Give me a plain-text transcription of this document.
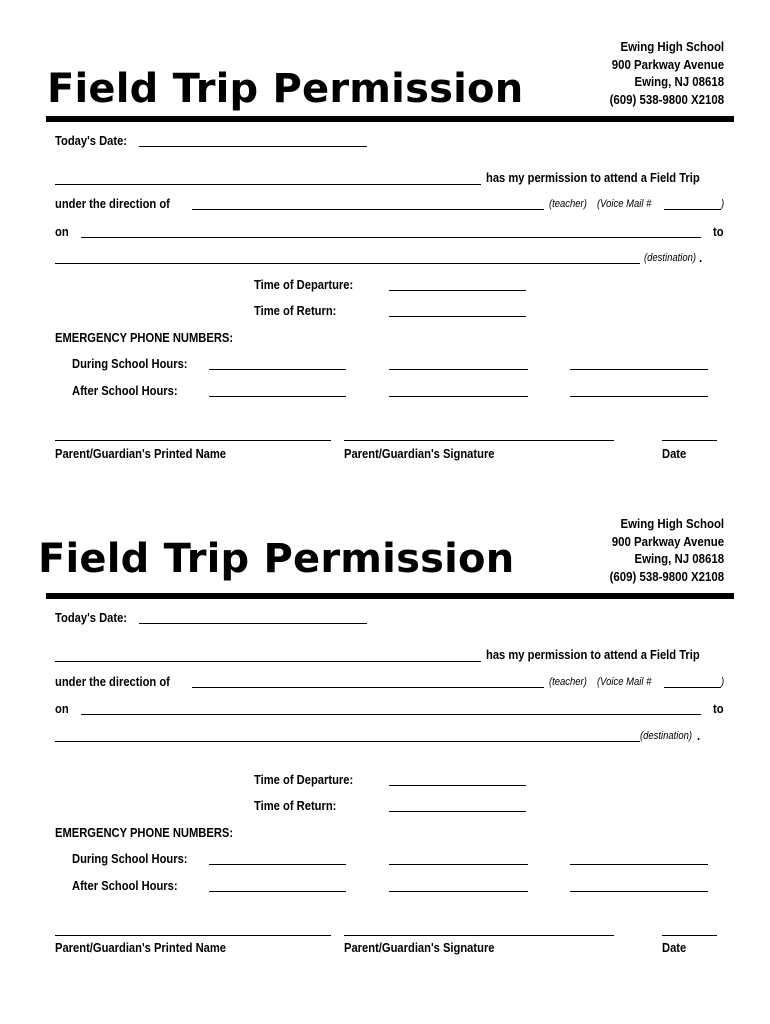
Field Trip Permission
Ewing High School
900 Parkway Avenue
Ewing, NJ 08618
(609) 538-9800 X2108
Today's Date:
has my permission to attend a Field Trip
under the direction of	(teacher) (Voice Mail #	)
on	to
(destination) .
Time of Departure:
Time of Return:
EMERGENCY PHONE NUMBERS:
During School Hours:
After School Hours:
Parent/Guardian's Printed Name	Parent/Guardian's Signature	Date
Field Trip Permission
Ewing High School
900 Parkway Avenue
Ewing, NJ 08618
(609) 538-9800 X2108
Today's Date:
has my permission to attend a Field Trip
under the direction of	(teacher) (Voice Mail #	)
on	to
(destination) .
Time of Departure:
Time of Return:
EMERGENCY PHONE NUMBERS:
During School Hours:
After School Hours:
Parent/Guardian's Printed Name	Parent/Guardian's Signature	Date
